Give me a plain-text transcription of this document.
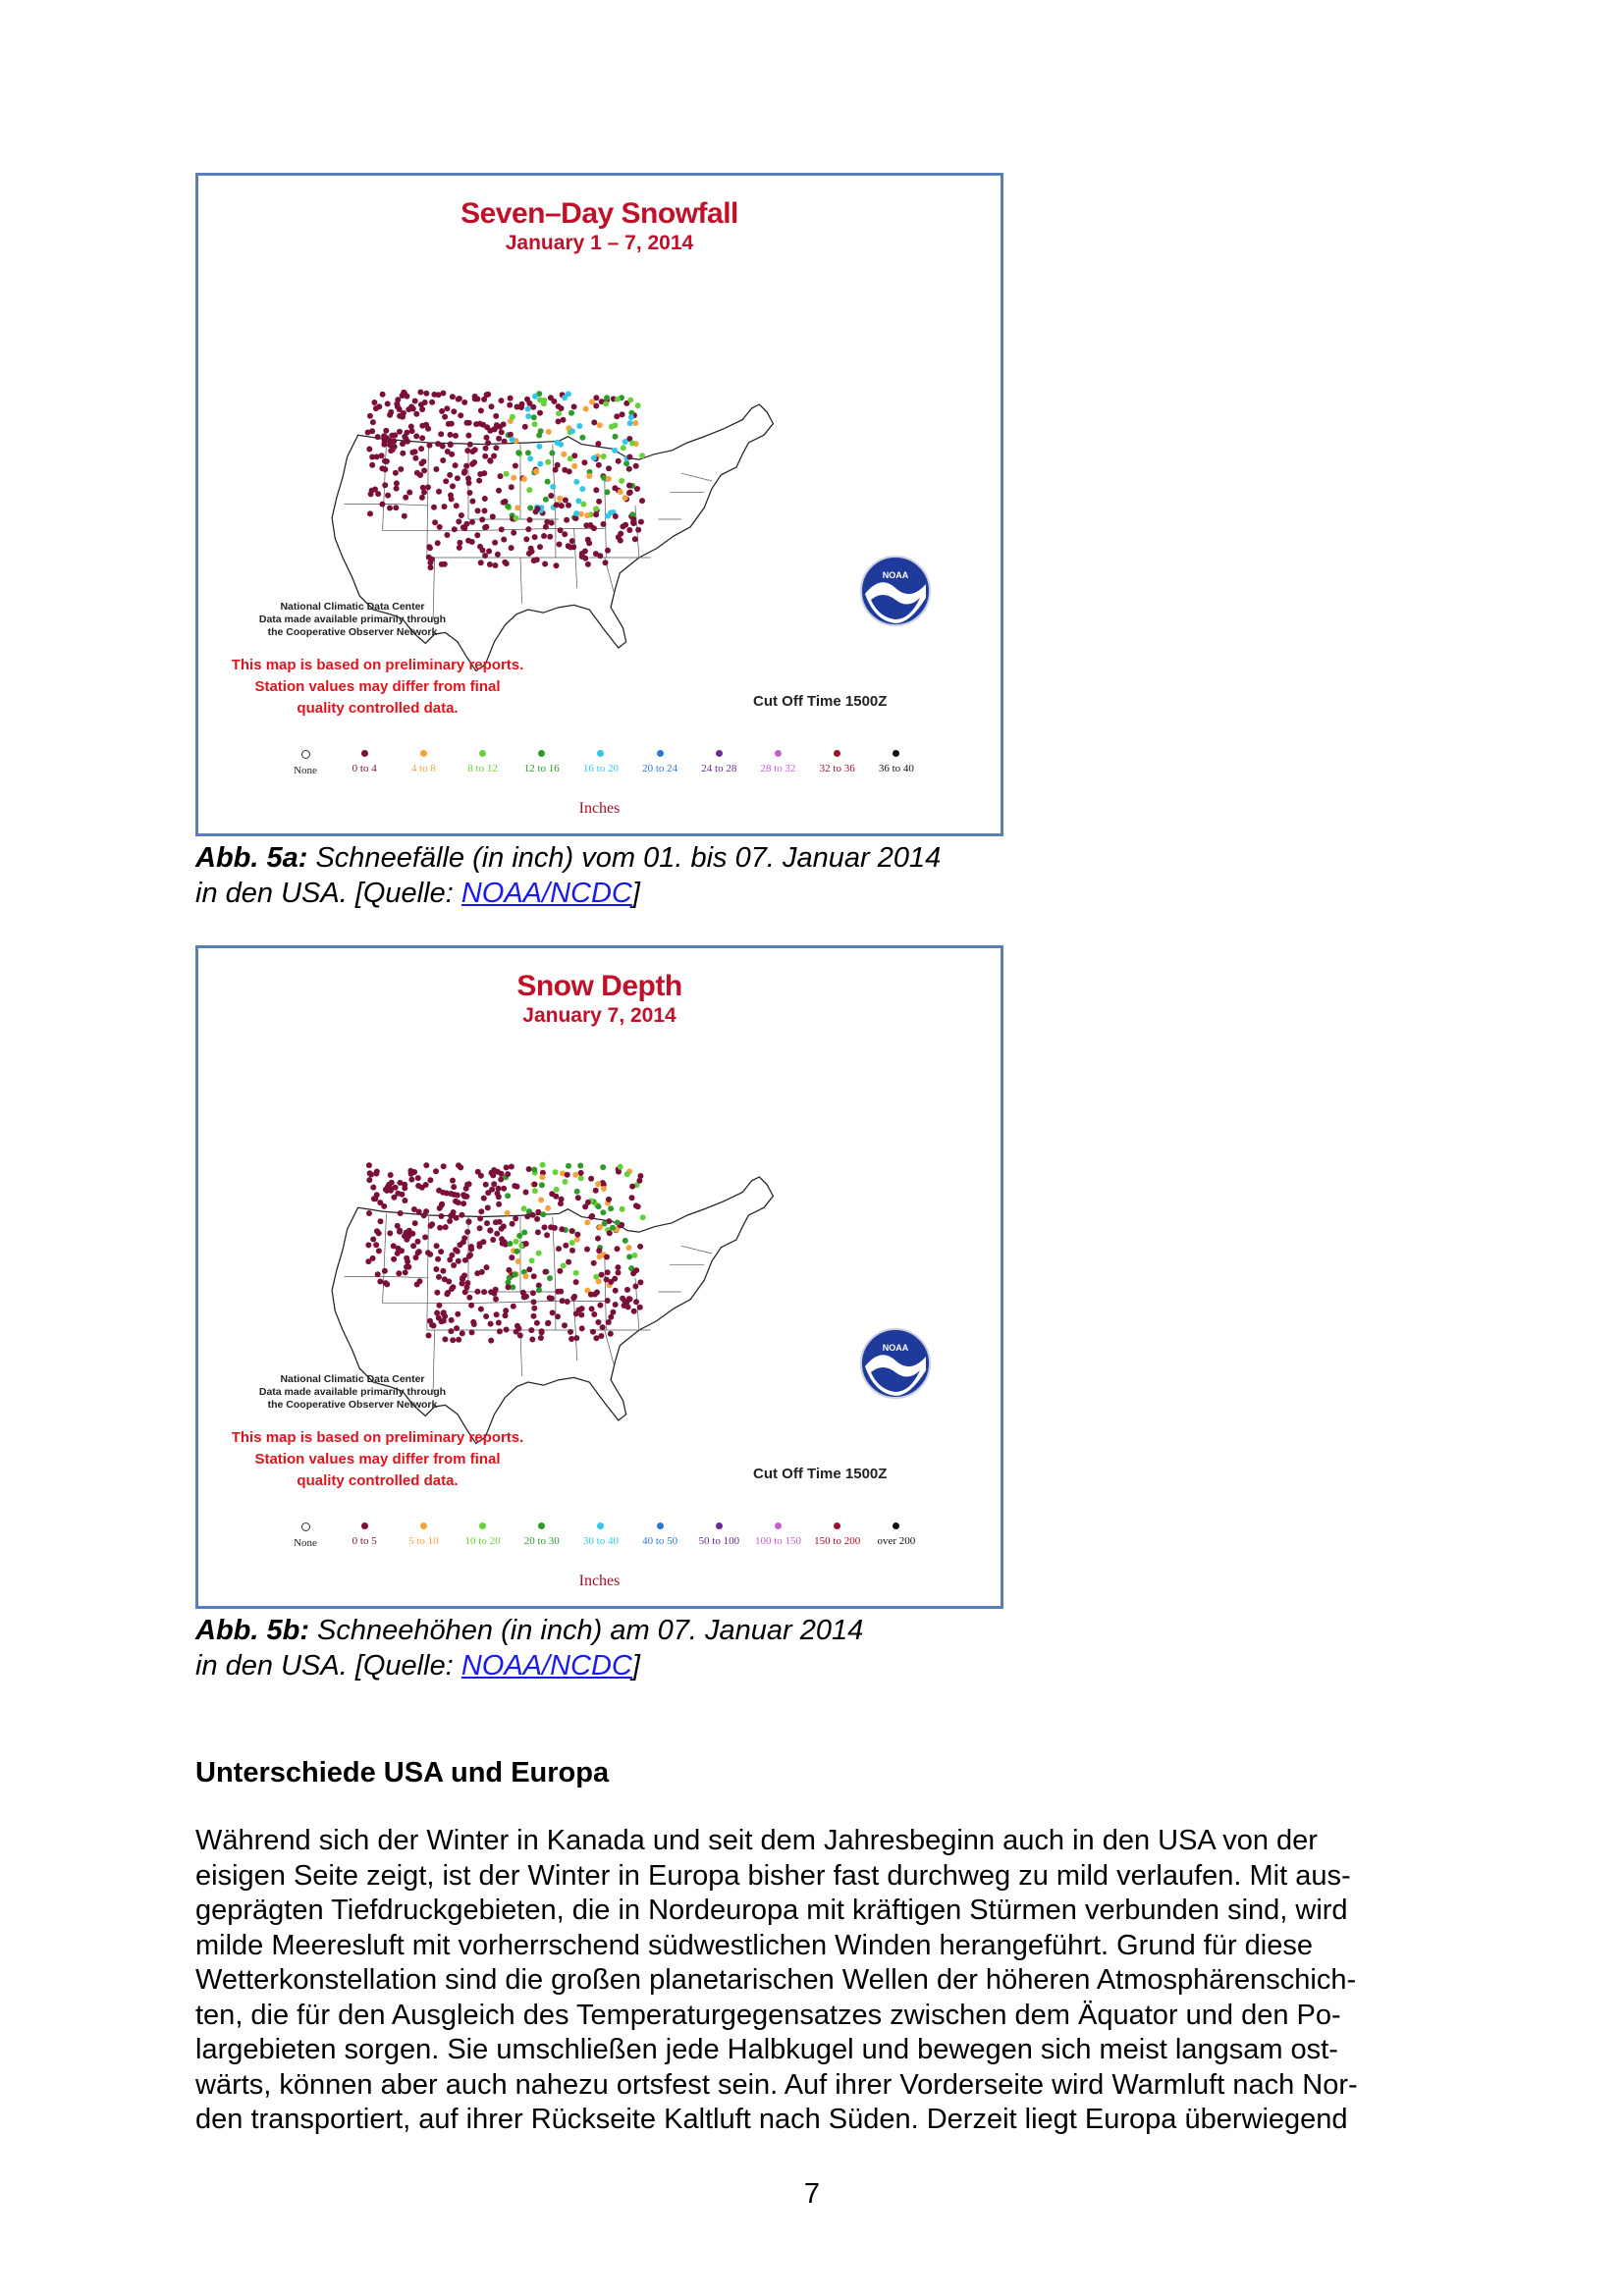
Seven–Day Snowfall
January 1 – 7, 2014
National Climatic Data Center
Data made available primarily through
the Cooperative Observer Network
This map is based on preliminary reports.
Station values may differ from final
quality controlled data.	Cut Off Time 1500Z
None	0 to 4	4 to 8	8 to 12	12 to 16	16 to 20	20 to 24	24 to 28	28 to 32	32 to 36	36 to 40
Inches
NOAA
Abb. 5a: Schneefälle (in inch) vom 01. bis 07. Januar 2014
in den USA. [Quelle: NOAA/NCDC]
Snow Depth
January 7, 2014
National Climatic Data Center
Data made available primarily through
the Cooperative Observer Network
This map is based on preliminary reports.
Station values may differ from final
quality controlled data.	Cut Off Time 1500Z
None	0 to 5	5 to 10	10 to 20	20 to 30	30 to 40	40 to 50	50 to 100	100 to 150	150 to 200	over 200
Inches
NOAA
Abb. 5b: Schneehöhen (in inch) am 07. Januar 2014
in den USA. [Quelle: NOAA/NCDC]
Unterschiede USA und Europa
Während sich der Winter in Kanada und seit dem Jahresbeginn auch in den USA von der
eisigen Seite zeigt, ist der Winter in Europa bisher fast durchweg zu mild verlaufen. Mit aus-
geprägten Tiefdruckgebieten, die in Nordeuropa mit kräftigen Stürmen verbunden sind, wird
milde Meeresluft mit vorherrschend südwestlichen Winden herangeführt. Grund für diese
Wetterkonstellation sind die großen planetarischen Wellen der höheren Atmosphärenschich-
ten, die für den Ausgleich des Temperaturgegensatzes zwischen dem Äquator und den Po-
largebieten sorgen. Sie umschließen jede Halbkugel und bewegen sich meist langsam ost-
wärts, können aber auch nahezu ortsfest sein. Auf ihrer Vorderseite wird Warmluft nach Nor-
den transportiert, auf ihrer Rückseite Kaltluft nach Süden. Derzeit liegt Europa überwiegend
7
